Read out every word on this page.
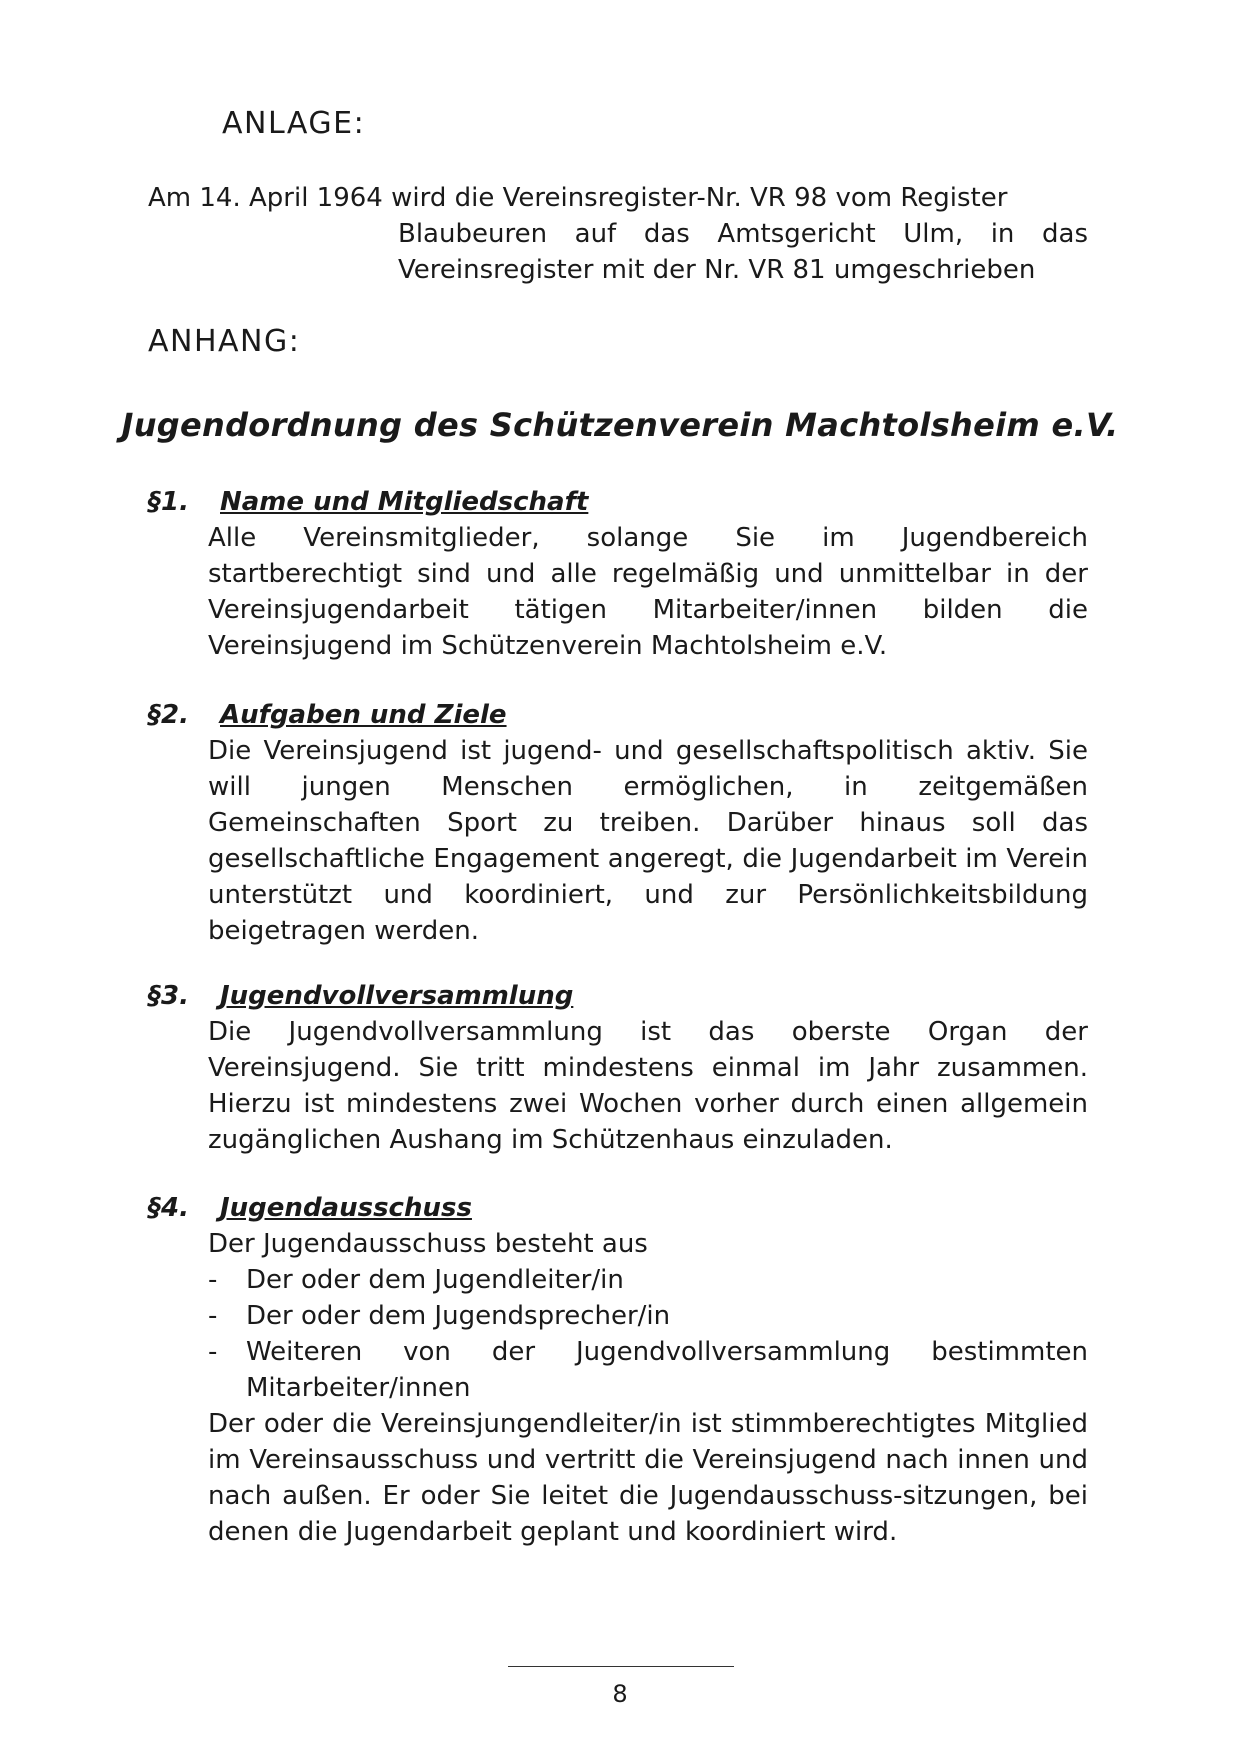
ANLAGE:
Am 14. April 1964 wird die Vereinsregister-Nr. VR 98 vom Register
Blaubeuren auf das Amtsgericht Ulm, in das Vereinsregister mit der Nr. VR 81 umgeschrieben
ANHANG:
Jugendordnung des Schützenverein Machtolsheim e.V.
§1. Name und Mitgliedschaft
Alle Vereinsmitglieder, solange Sie im Jugendbereich startberechtigt sind und alle regelmäßig und unmittelbar in der Vereinsjugendarbeit tätigen Mitarbeiter/innen bilden die Vereinsjugend im Schützenverein Machtolsheim e.V.
§2. Aufgaben und Ziele
Die Vereinsjugend ist jugend- und gesellschaftspolitisch aktiv. Sie will jungen Menschen ermöglichen, in zeitgemäßen Gemeinschaften Sport zu treiben. Darüber hinaus soll das gesellschaftliche Engagement angeregt, die Jugendarbeit im Verein unterstützt und koordiniert, und zur Persönlichkeitsbildung beigetragen werden.
§3. Jugendvollversammlung
Die Jugendvollversammlung ist das oberste Organ der Vereinsjugend. Sie tritt mindestens einmal im Jahr zusammen. Hierzu ist mindestens zwei Wochen vorher durch einen allgemein zugänglichen Aushang im Schützenhaus einzuladen.
§4. Jugendausschuss
Der Jugendausschuss besteht aus
- Der oder dem Jugendleiter/in
- Der oder dem Jugendsprecher/in
- Weiteren von der Jugendvollversammlung bestimmten Mitarbeiter/innen
Der oder die Vereinsjungendleiter/in ist stimmberechtigtes Mitglied im Vereinsausschuss und vertritt die Vereinsjugend nach innen und nach außen. Er oder Sie leitet die Jugendausschuss-sitzungen, bei denen die Jugendarbeit geplant und koordiniert wird.
8
